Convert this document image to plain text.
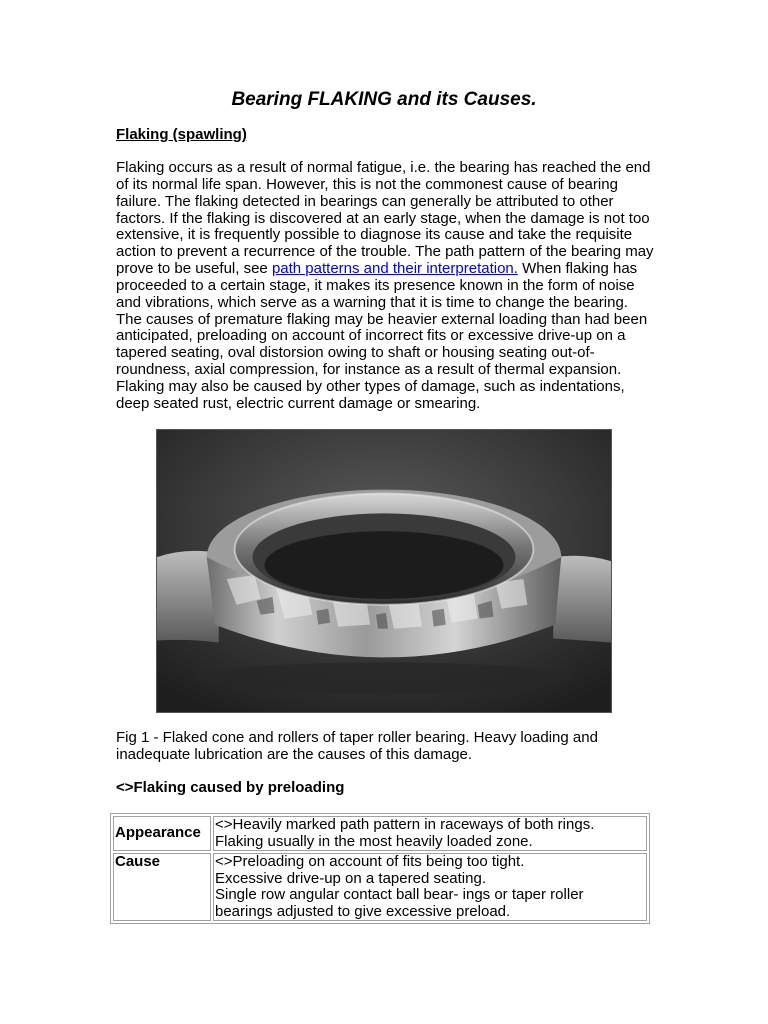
Bearing FLAKING and its Causes.
Flaking (spawling)

Flaking occurs as a result of normal fatigue, i.e. the bearing has reached the end of its normal life span. However, this is not the commonest cause of bearing failure. The flaking detected in bearings can generally be attributed to other factors. If the flaking is discovered at an early stage, when the damage is not too extensive, it is frequently possible to diagnose its cause and take the requisite action to prevent a recurrence of the trouble. The path pattern of the bearing may prove to be useful, see path patterns and their interpretation. When flaking has proceeded to a certain stage, it makes its presence known in the form of noise and vibrations, which serve as a warning that it is time to change the bearing. The causes of premature flaking may be heavier external loading than had been anticipated, preloading on account of incorrect fits or excessive drive-up on a tapered seating, oval distorsion owing to shaft or housing seating out-of-roundness, axial compression, for instance as a result of thermal expansion. Flaking may also be caused by other types of damage, such as indentations, deep seated rust, electric current damage or smearing.

Fig 1 - Flaked cone and rollers of taper roller bearing. Heavy loading and inadequate lubrication are the causes of this damage.

<>Flaking caused by preloading
Appearance	<>Heavily marked path pattern in raceways of both rings.
Flaking usually in the most heavily loaded zone.

Cause	<>Preloading on account of fits being too tight.
Excessive drive-up on a tapered seating.
Single row angular contact ball bear- ings or taper roller
bearings adjusted to give excessive preload.
